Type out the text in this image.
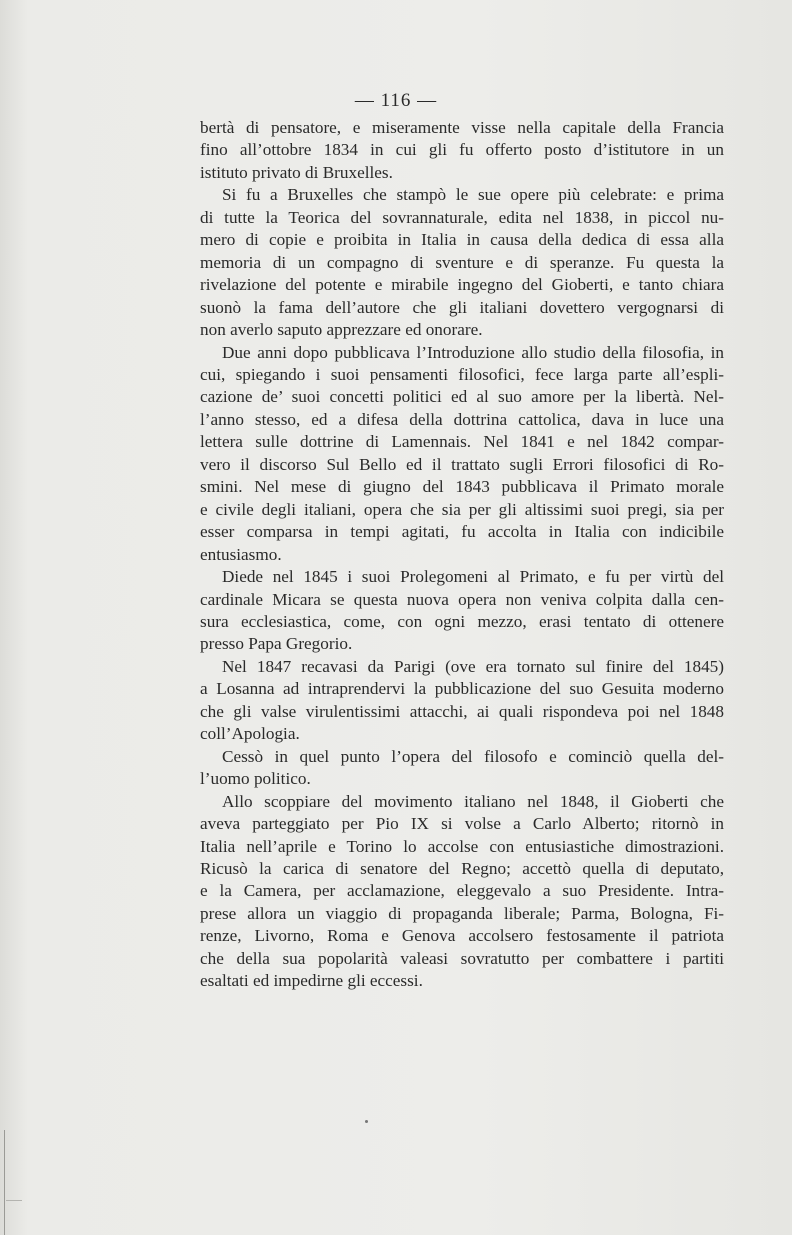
— 116 —
bertà di pensatore, e miseramente visse nella capitale della Francia
fino all’ottobre 1834 in cui gli fu offerto posto d’istitutore in un
istituto privato di Bruxelles.
Si fu a Bruxelles che stampò le sue opere più celebrate: e prima
di tutte la Teorica del sovrannaturale, edita nel 1838, in piccol nu-
mero di copie e proibita in Italia in causa della dedica di essa alla
memoria di un compagno di sventure e di speranze. Fu questa la
rivelazione del potente e mirabile ingegno del Gioberti, e tanto chiara
suonò la fama dell’autore che gli italiani dovettero vergognarsi di
non averlo saputo apprezzare ed onorare.
Due anni dopo pubblicava l’Introduzione allo studio della filosofia, in
cui, spiegando i suoi pensamenti filosofici, fece larga parte all’espli-
cazione de’ suoi concetti politici ed al suo amore per la libertà. Nel-
l’anno stesso, ed a difesa della dottrina cattolica, dava in luce una
lettera sulle dottrine di Lamennais. Nel 1841 e nel 1842 compar-
vero il discorso Sul Bello ed il trattato sugli Errori filosofici di Ro-
smini. Nel mese di giugno del 1843 pubblicava il Primato morale
e civile degli italiani, opera che sia per gli altissimi suoi pregi, sia per
esser comparsa in tempi agitati, fu accolta in Italia con indicibile
entusiasmo.
Diede nel 1845 i suoi Prolegomeni al Primato, e fu per virtù del
cardinale Micara se questa nuova opera non veniva colpita dalla cen-
sura ecclesiastica, come, con ogni mezzo, erasi tentato di ottenere
presso Papa Gregorio.
Nel 1847 recavasi da Parigi (ove era tornato sul finire del 1845)
a Losanna ad intraprendervi la pubblicazione del suo Gesuita moderno
che gli valse virulentissimi attacchi, ai quali rispondeva poi nel 1848
coll’Apologia.
Cessò in quel punto l’opera del filosofo e cominciò quella del-
l’uomo politico.
Allo scoppiare del movimento italiano nel 1848, il Gioberti che
aveva parteggiato per Pio IX si volse a Carlo Alberto; ritornò in
Italia nell’aprile e Torino lo accolse con entusiastiche dimostrazioni.
Ricusò la carica di senatore del Regno; accettò quella di deputato,
e la Camera, per acclamazione, eleggevalo a suo Presidente. Intra-
prese allora un viaggio di propaganda liberale; Parma, Bologna, Fi-
renze, Livorno, Roma e Genova accolsero festosamente il patriota
che della sua popolarità valeasi sovratutto per combattere i partiti
esaltati ed impedirne gli eccessi.
